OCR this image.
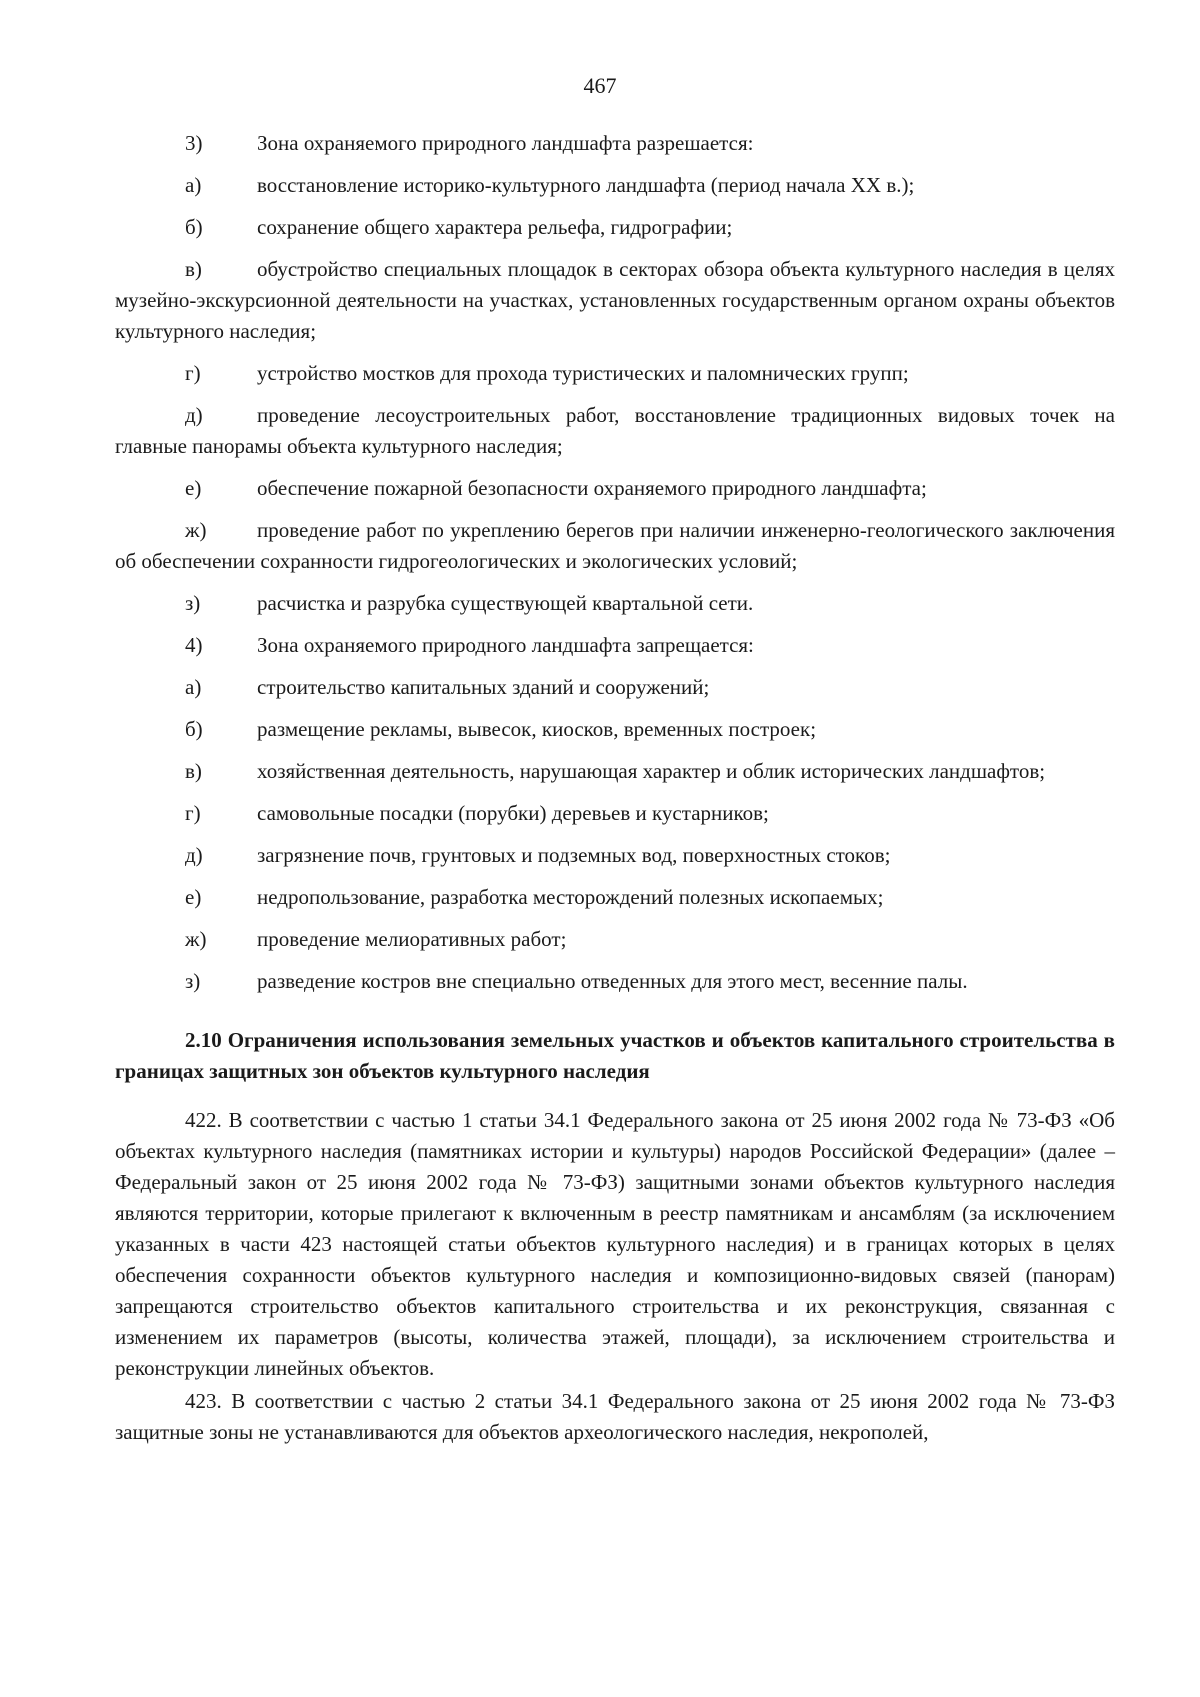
467
3)	Зона охраняемого природного ландшафта разрешается:
а)	восстановление историко-культурного ландшафта (период начала XX в.);
б)	сохранение общего характера рельефа, гидрографии;
в)	обустройство специальных площадок в секторах обзора объекта культурного наследия в целях музейно-экскурсионной деятельности на участках, установленных государственным органом охраны объектов культурного наследия;
г)	устройство мостков для прохода туристических и паломнических групп;
д)	проведение лесоустроительных работ, восстановление традиционных видовых точек на главные панорамы объекта культурного наследия;
е)	обеспечение пожарной безопасности охраняемого природного ландшафта;
ж) проведение работ по укреплению берегов при наличии инженерно-геологического заключения об обеспечении сохранности гидрогеологических и экологических условий;
з)	расчистка и разрубка существующей квартальной сети.
4)	Зона охраняемого природного ландшафта запрещается:
а)	строительство капитальных зданий и сооружений;
б)	размещение рекламы, вывесок, киосков, временных построек;
в)	хозяйственная деятельность, нарушающая характер и облик исторических ландшафтов;
г)	самовольные посадки (порубки) деревьев и кустарников;
д)	загрязнение почв, грунтовых и подземных вод, поверхностных стоков;
е)	недропользование, разработка месторождений полезных ископаемых;
ж) проведение мелиоративных работ;
з)	разведение костров вне специально отведенных для этого мест, весенние палы.
2.10 Ограничения использования земельных участков и объектов капитального строительства в границах защитных зон объектов культурного наследия
422. В соответствии с частью 1 статьи 34.1 Федерального закона от 25 июня 2002 года № 73-ФЗ «Об объектах культурного наследия (памятниках истории и культуры) народов Российской Федерации» (далее – Федеральный закон от 25 июня 2002 года № 73-ФЗ) защитными зонами объектов культурного наследия являются территории, которые прилегают к включенным в реестр памятникам и ансамблям (за исключением указанных в части 423 настоящей статьи объектов культурного наследия) и в границах которых в целях обеспечения сохранности объектов культурного наследия и композиционно-видовых связей (панорам) запрещаются строительство объектов капитального строительства и их реконструкция, связанная с изменением их параметров (высоты, количества этажей, площади), за исключением строительства и реконструкции линейных объектов.
423. В соответствии с частью 2 статьи 34.1 Федерального закона от 25 июня 2002 года № 73-ФЗ защитные зоны не устанавливаются для объектов археологического наследия, некрополей,
